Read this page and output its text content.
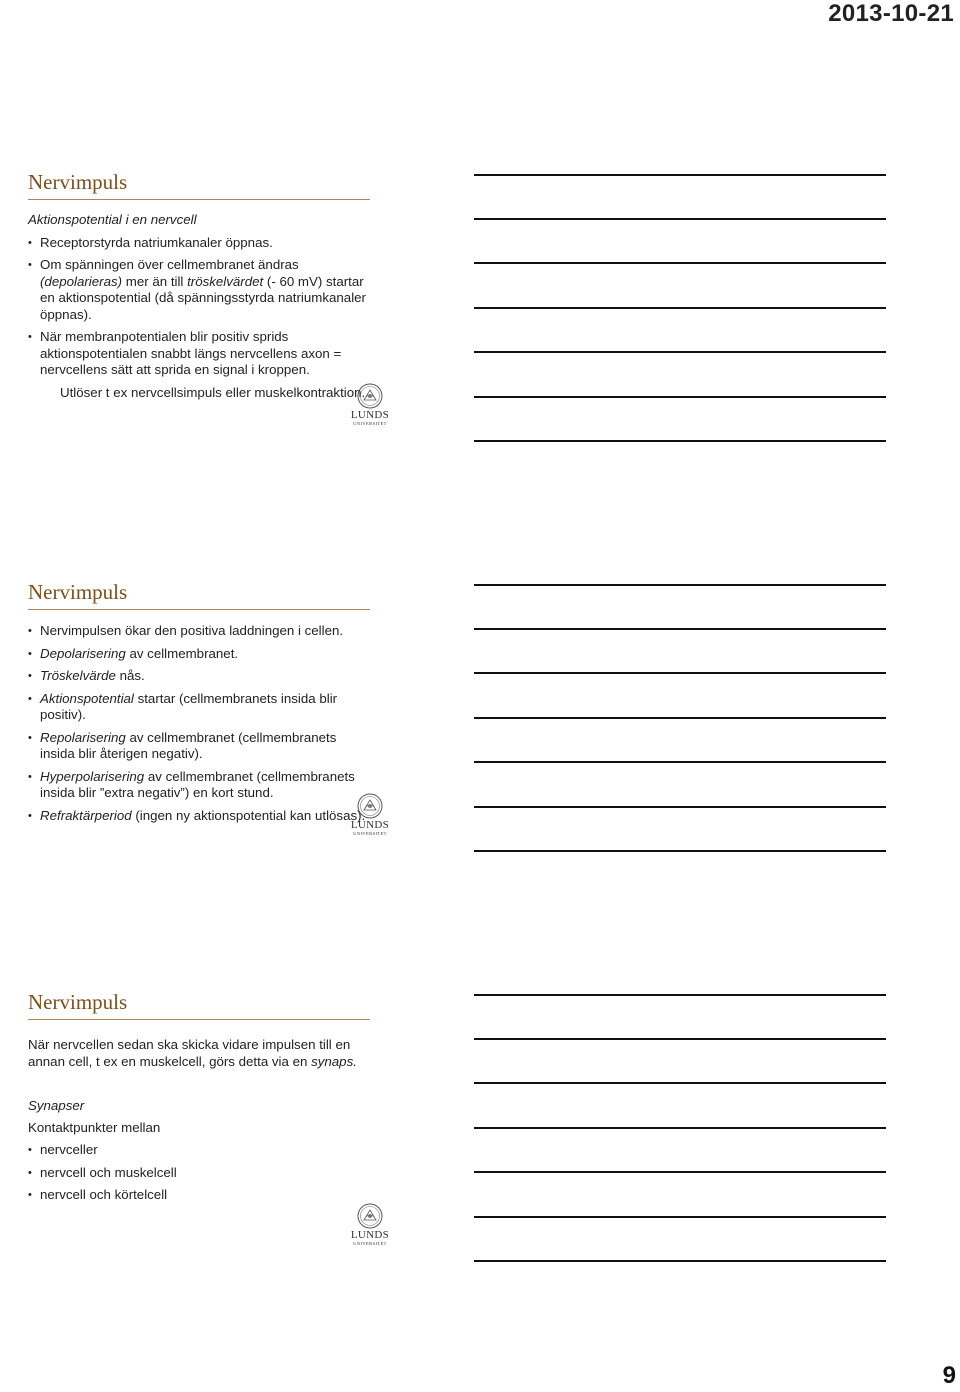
2013-10-21
Nervimpuls

Aktionspotential i en nervcell

• Receptorstyrda natriumkanaler öppnas.
• Om spänningen över cellmembranet ändras (depolarieras) mer än till tröskelvärdet (- 60 mV) startar en aktionspotential (då spänningsstyrda natriumkanaler öppnas).
• När membranpotentialen blir positiv sprids aktionspotentialen snabbt längs nervcellens axon = nervcellens sätt att sprida en signal i kroppen.

Utlöser t ex nervcellsimpuls eller muskelkontraktion.

LUNDS
UNIVERSITET
Nervimpuls
• Nervimpulsen ökar den positiva laddningen i cellen.
• Depolarisering av cellmembranet.
• Tröskelvärde nås.
• Aktionspotential startar (cellmembranets insida blir positiv).
• Repolarisering av cellmembranet (cellmembranets insida blir återigen negativ).
• Hyperpolarisering av cellmembranet (cellmembranets insida blir ”extra negativ”) en kort stund.
• Refraktärperiod (ingen ny aktionspotential kan utlösas).
LUNDS
UNIVERSITET
Nervimpuls

När nervcellen sedan ska skicka vidare impulsen till en annan cell, t ex en muskelcell, görs detta via en synaps.

Synapser

Kontaktpunkter mellan

• nervceller
• nervcell och muskelcell
• nervcell och körtelcell
LUNDS
UNIVERSITET
9
